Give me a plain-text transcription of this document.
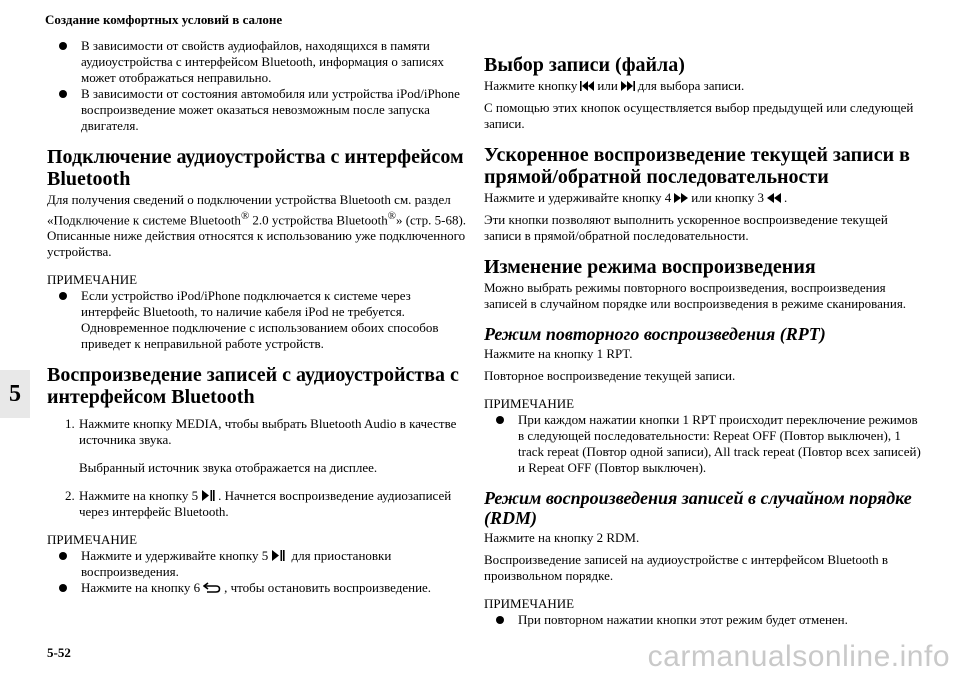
Создание комфортных условий в салоне
5

В зависимости от свойств аудиофайлов, находящихся в памяти аудиоустройства с интерфейсом Bluetooth, информация о записях может отображаться неправильно.

В зависимости от состояния автомобиля или устройства iPod/iPhone воспроизведение может оказаться невозможным после запуска двигателя.

Подключение аудиоустройства с интерфейсом Bluetooth

Для получения сведений о подключении устройства Bluetooth см. раздел «Подключение к системе Bluetooth® 2.0 устройства Bluetooth®» (стр. 5-68).

Описанные ниже действия относятся к использованию уже подключенного устройства.

ПРИМЕЧАНИЕ

Если устройство iPod/iPhone подключается к системе через интерфейс Bluetooth, то наличие кабеля iPod не требуется. Одновременное подключение с использованием обоих способов приведет к неправильной работе устройств.

Воспроизведение записей с аудиоустройства с интерфейсом Bluetooth

1. Нажмите кнопку MEDIA, чтобы выбрать Bluetooth Audio в качестве источника звука.

Выбранный источник звука отображается на дисплее.

2. Нажмите на кнопку 5 . Начнется воспроизведение аудиозаписей через интерфейс Bluetooth.

ПРИМЕЧАНИЕ

Нажмите и удерживайте кнопку 5 для приостановки воспроизведения.

Нажмите на кнопку 6 , чтобы остановить воспроизведение.

Выбор записи (файла)

Нажмите кнопку или для выбора записи.

С помощью этих кнопок осуществляется выбор предыдущей или следующей записи.

Ускоренное воспроизведение текущей записи в прямой/обратной последовательности

Нажмите и удерживайте кнопку 4 или кнопку 3 .

Эти кнопки позволяют выполнить ускоренное воспроизведение текущей записи в прямой/обратной последовательности.

Изменение режима воспроизведения

Можно выбрать режимы повторного воспроизведения, воспроизведения записей в случайном порядке или воспроизведения в режиме сканирования.

Режим повторного воспроизведения (RPT)

Нажмите на кнопку 1 RPT.

Повторное воспроизведение текущей записи.

ПРИМЕЧАНИЕ

При каждом нажатии кнопки 1 RPT происходит переключение режимов в следующей последовательности: Repeat OFF (Повтор выключен), 1 track repeat (Повтор одной записи), All track repeat (Повтор всех записей) и Repeat OFF (Повтор выключен).

Режим воспроизведения записей в случайном порядке (RDM)

Нажмите на кнопку 2 RDM.

Воспроизведение записей на аудиоустройстве с интерфейсом Bluetooth в произвольном порядке.

ПРИМЕЧАНИЕ

При повторном нажатии кнопки этот режим будет отменен.

5-52	carmanualsonline.info
